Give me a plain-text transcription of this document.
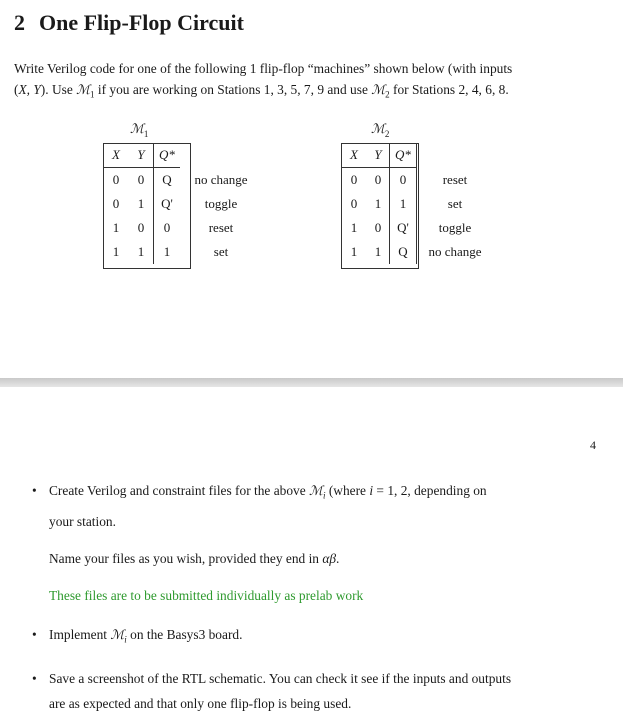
2 One Flip-Flop Circuit
Write Verilog code for one of the following 1 flip-flop “machines” shown below (with inputs
(X, Y). Use ℳ$_1$ if you are working on Stations 1, 3, 5, 7, 9 and use ℳ$_2$ for Stations 2, 4, 6, 8.
ℳ$_1$
X	Y	Q*	
0	0	Q	no change
0	1	Q'	toggle
1	0	0	reset
1	1	1	set
ℳ$_2$
X	Y	Q*	
0	0	0	reset
0	1	1	set
1	0	Q'	toggle
1	1	Q	no change
4
• Create Verilog and constraint files for the above ℳ$_i$ (where i = 1, 2, depending on
your station.
Name your files as you wish, provided they end in αβ.
These files are to be submitted individually as prelab work
• Implement ℳ$_i$ on the Basys3 board.
• Save a screenshot of the RTL schematic. You can check it see if the inputs and outputs
are as expected and that only one flip-flop is being used.
